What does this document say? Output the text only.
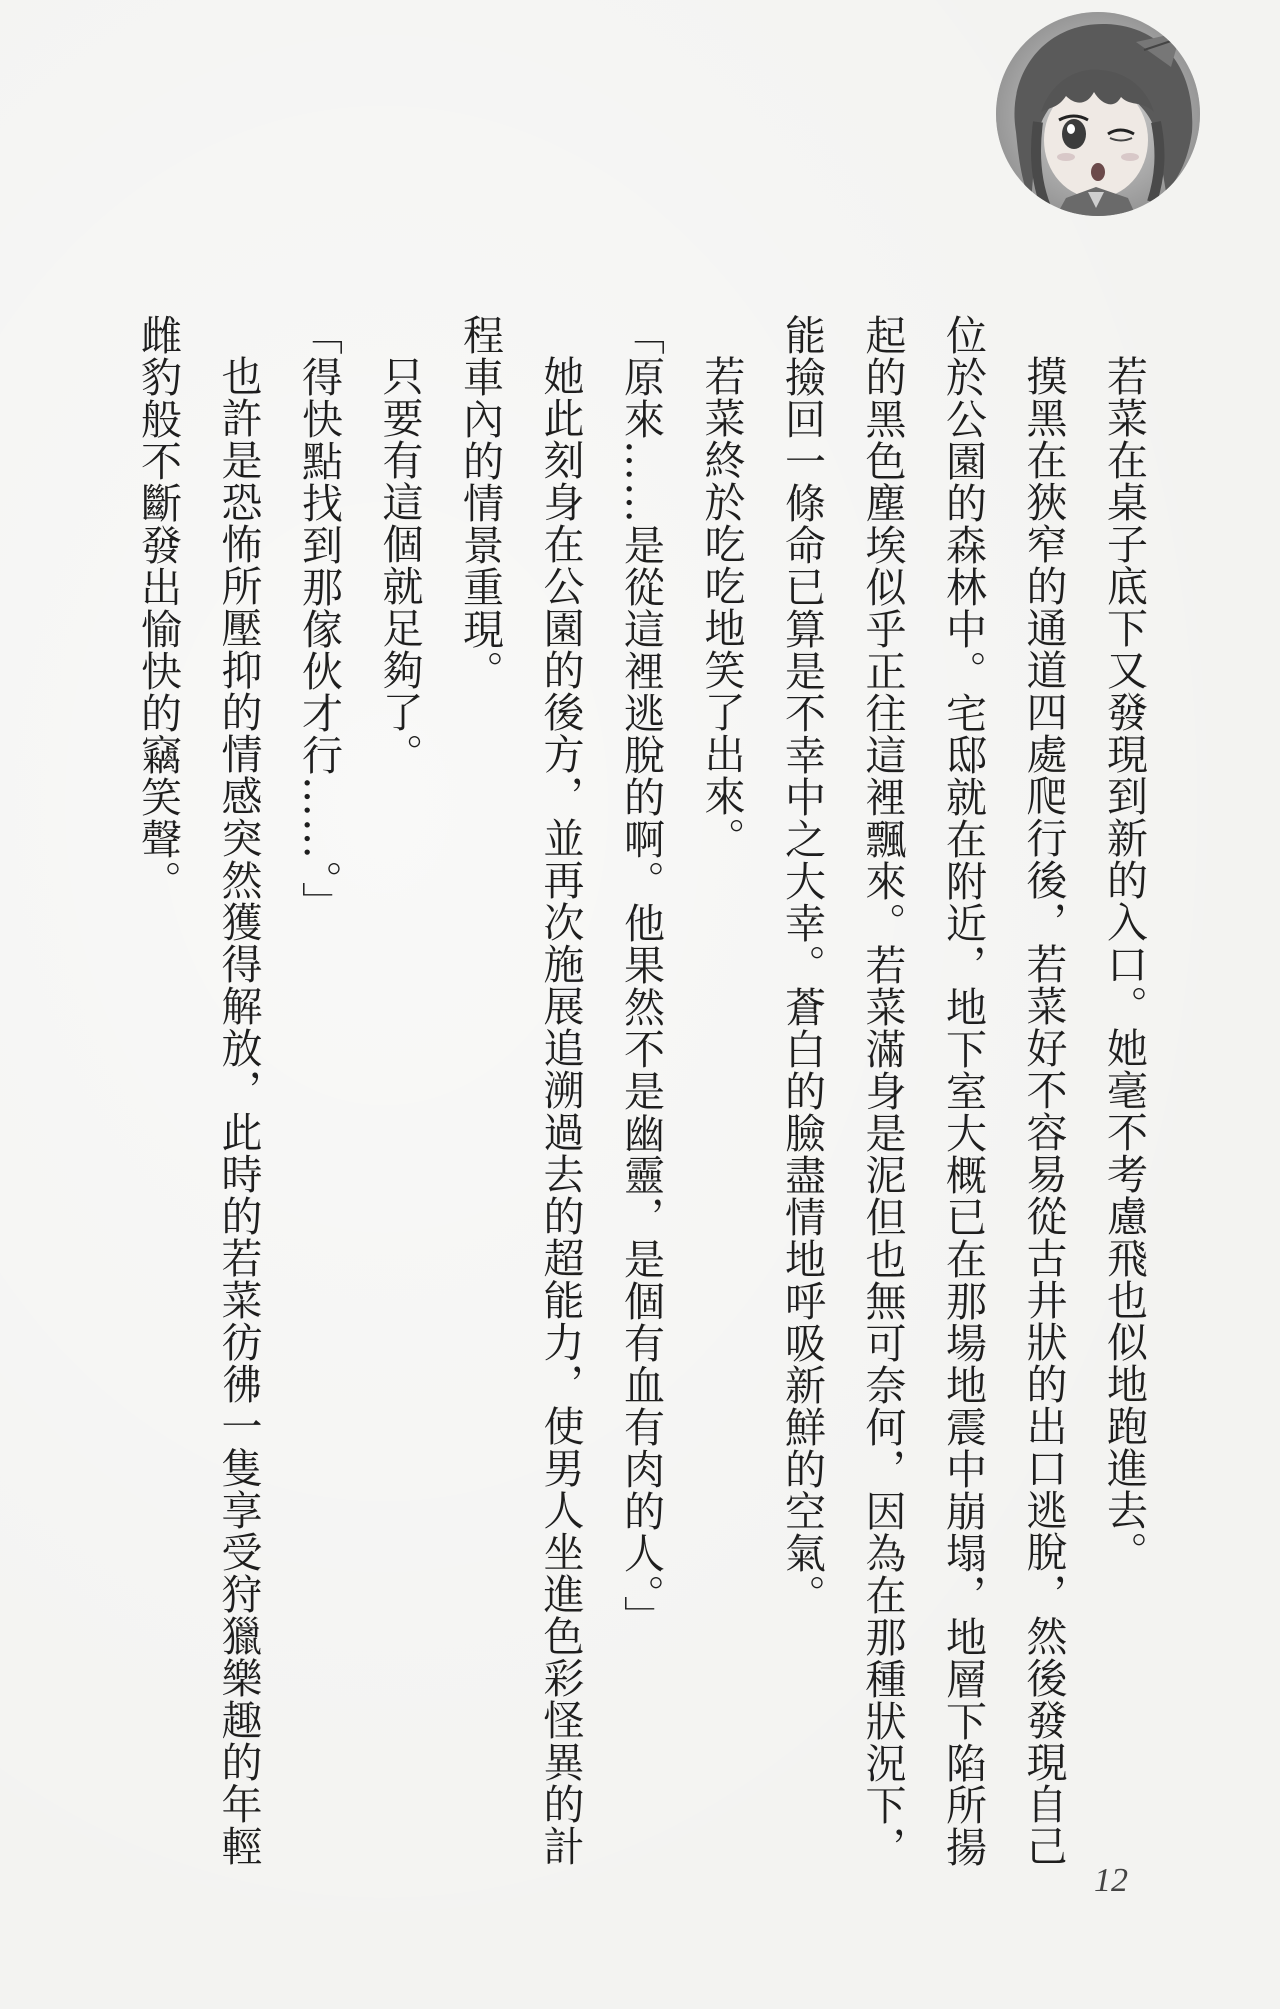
若菜在桌子底下又發現到新的入口。她毫不考慮飛也似地跑進去。

摸黑在狹窄的通道四處爬行後，若菜好不容易從古井狀的出口逃脫，然後發現自己位於公園的森林中。宅邸就在附近，地下室大概已在那場地震中崩塌，地層下陷所揚起的黑色塵埃似乎正往這裡飄來。若菜滿身是泥但也無可奈何，因為在那種狀況下，能撿回一條命已算是不幸中之大幸。蒼白的臉盡情地呼吸新鮮的空氣。

若菜終於吃吃地笑了出來。

「原來……是從這裡逃脫的啊。他果然不是幽靈，是個有血有肉的人。」

她此刻身在公園的後方，並再次施展追溯過去的超能力，使男人坐進色彩怪異的計程車內的情景重現。

只要有這個就足夠了。

「得快點找到那傢伙才行……。」

也許是恐怖所壓抑的情感突然獲得解放，此時的若菜彷彿一隻享受狩獵樂趣的年輕雌豹般不斷發出愉快的竊笑聲。

12
